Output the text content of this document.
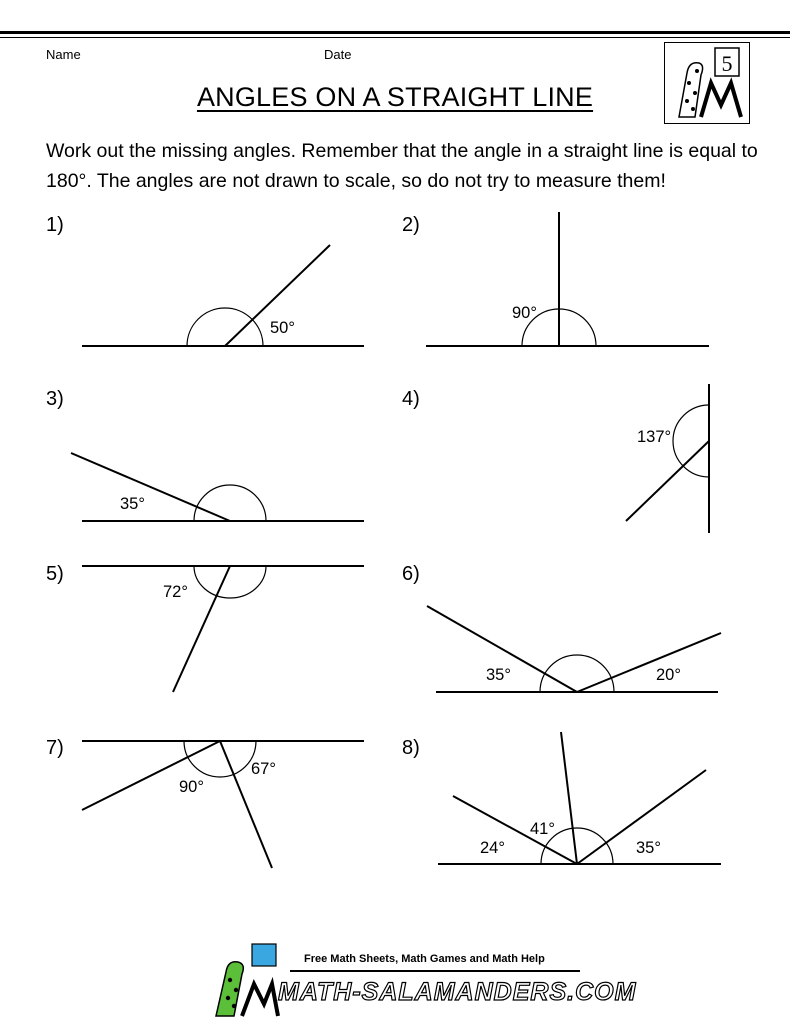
Name	Date	5
ANGLES ON A STRAIGHT LINE
Work out the missing angles. Remember that the angle in a straight line is equal to 180°. The angles are not drawn to scale, so do not try to measure them!
1)	2)
3)	4)
5)	6)
7)	8)
50°
90°
35°
137°
72°
35°	20°
90°
67°
24°
41°
35°
Free Math Sheets, Math Games and Math Help
MATH-SALAMANDERS.COM
